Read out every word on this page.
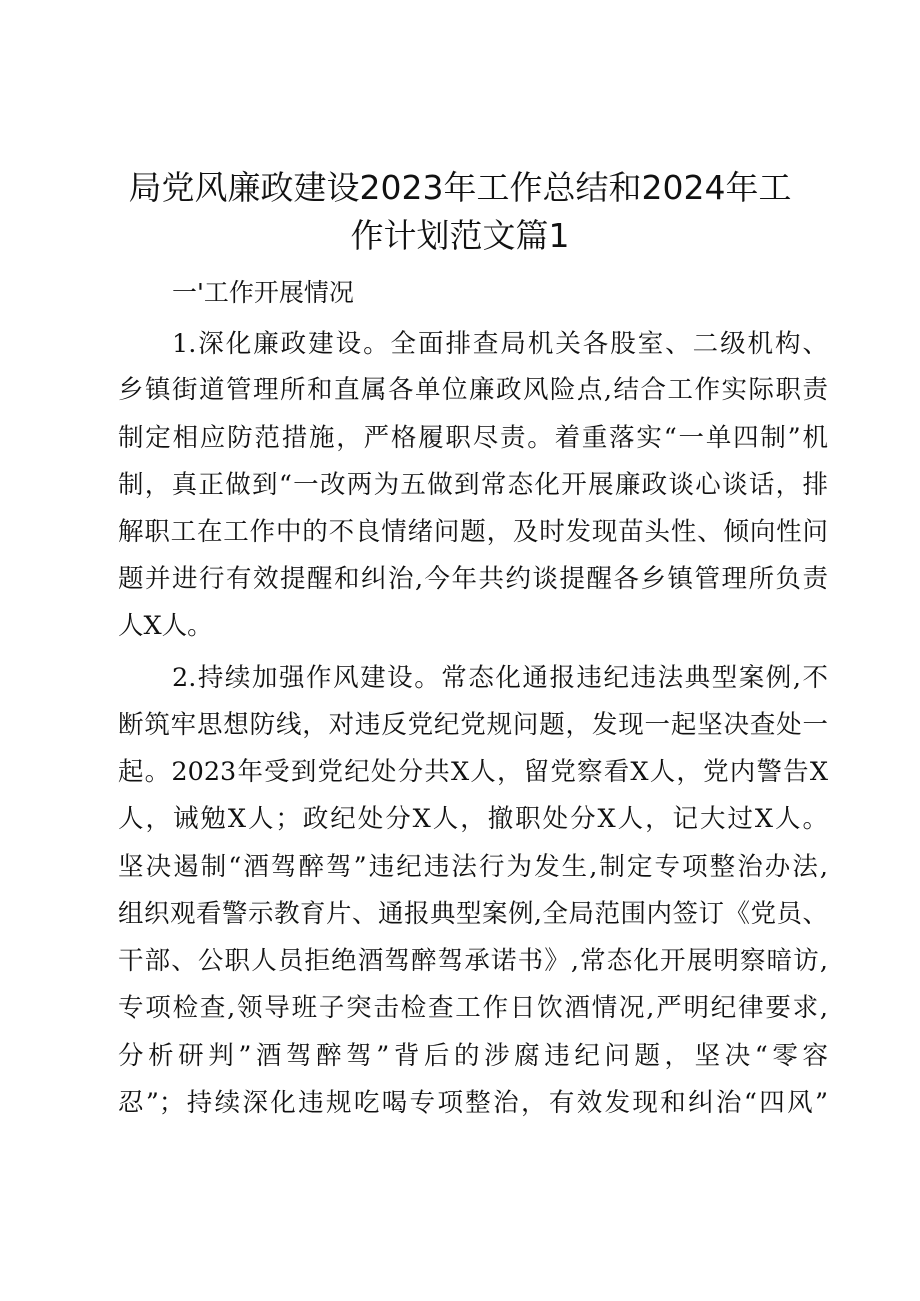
局党风廉政建设2023年工作总结和2024年工
作计划范文篇1
一'工作开展情况
1.深化廉政建设。全面排查局机关各股室、二级机构、
乡镇街道管理所和直属各单位廉政风险点,结合工作实际职责
制定相应防范措施，严格履职尽责。着重落实“一单四制”机
制，真正做到“一改两为五做到常态化开展廉政谈心谈话，排
解职工在工作中的不良情绪问题，及时发现苗头性、倾向性问
题并进行有效提醒和纠治,今年共约谈提醒各乡镇管理所负责
人X人。
2.持续加强作风建设。常态化通报违纪违法典型案例,不
断筑牢思想防线，对违反党纪党规问题，发现一起坚决查处一
起。2023年受到党纪处分共X人，留党察看X人，党内警告X
人，诫勉X人；政纪处分X人，撤职处分X人，记大过X人。
坚决遏制“酒驾醉驾”违纪违法行为发生,制定专项整治办法,
组织观看警示教育片、通报典型案例,全局范围内签订《党员、
干部、公职人员拒绝酒驾醉驾承诺书》,常态化开展明察暗访,
专项检查,领导班子突击检查工作日饮酒情况,严明纪律要求,
分析研判”酒驾醉驾”背后的涉腐违纪问题，坚决“零容
忍”；持续深化违规吃喝专项整治，有效发现和纠治“四风”
